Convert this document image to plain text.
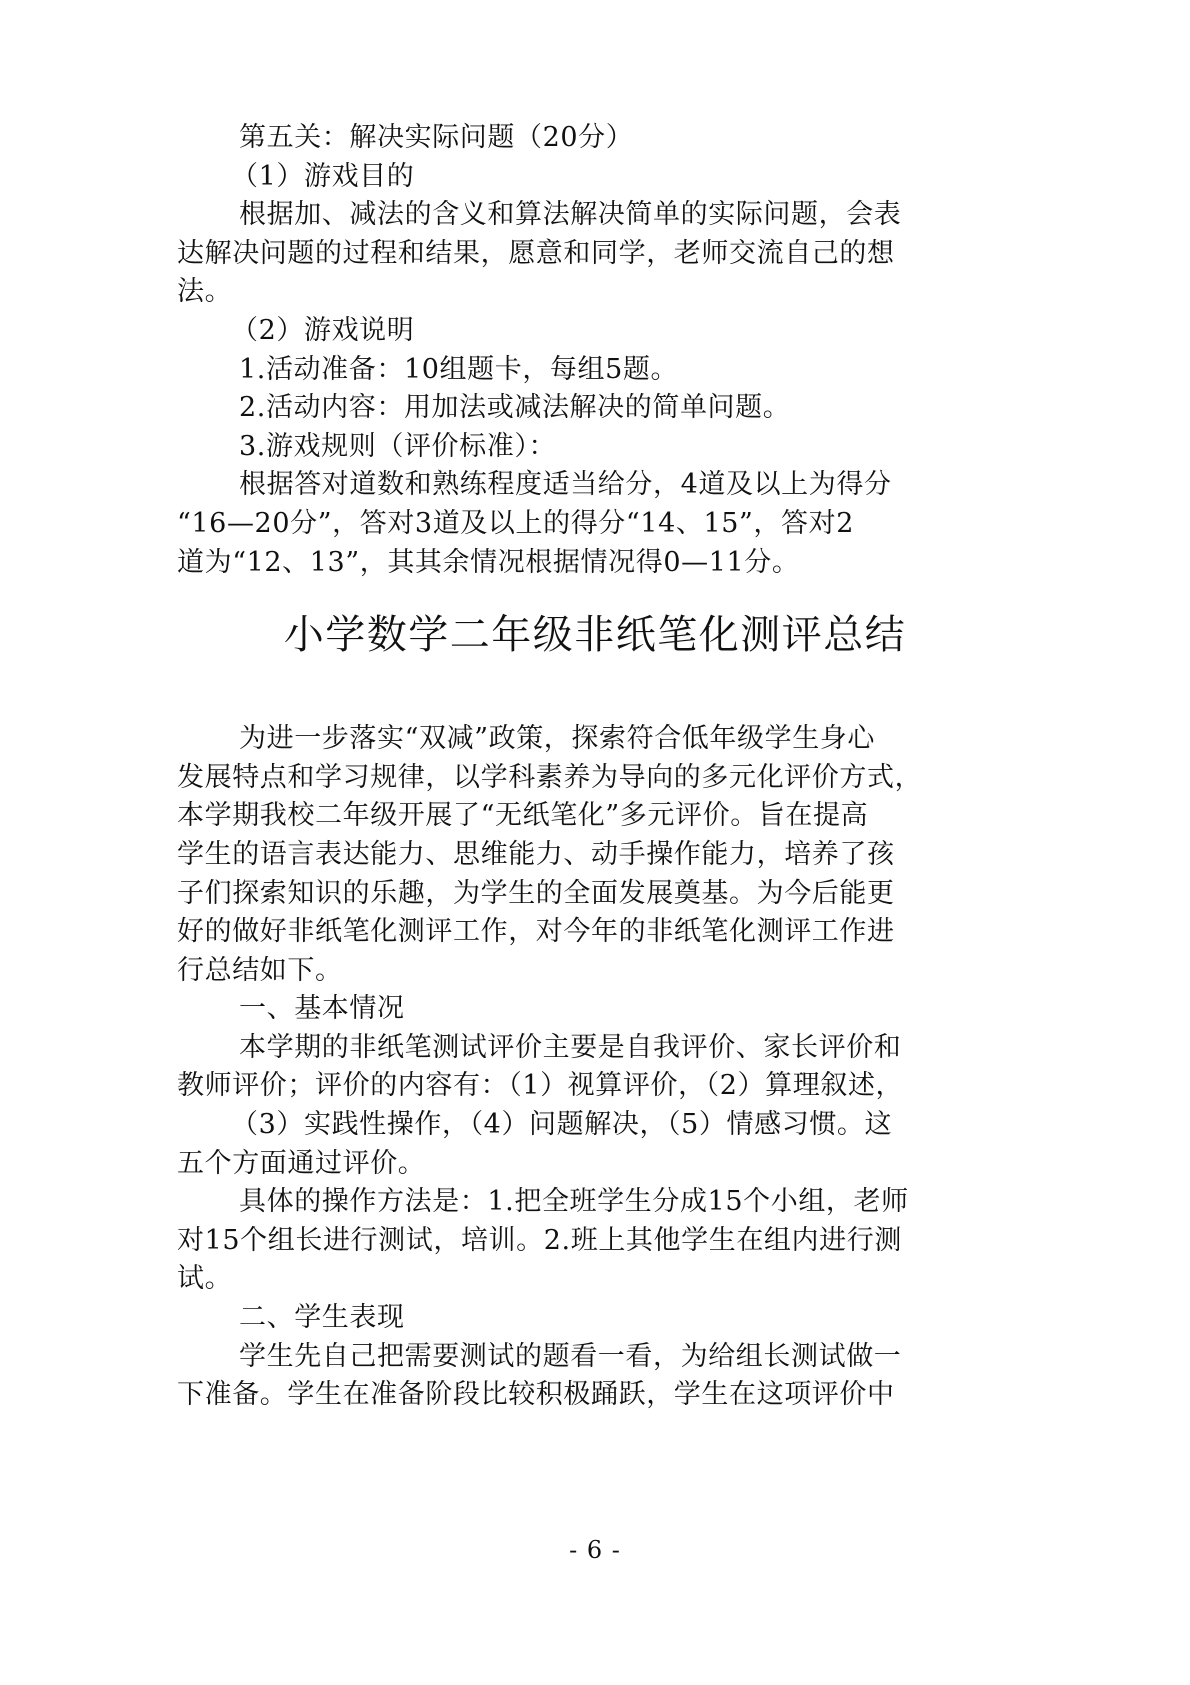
第五关：解决实际问题（20分）

（1）游戏目的

根据加、减法的含义和算法解决简单的实际问题，会表

达解决问题的过程和结果，愿意和同学，老师交流自己的想

法。

（2）游戏说明

1.活动准备：10组题卡，每组5题。

2.活动内容：用加法或减法解决的简单问题。

3.游戏规则（评价标准）：

根据答对道数和熟练程度适当给分，4道及以上为得分

“16—20分”，答对3道及以上的得分“14、15”，答对2

道为“12、13”，其其余情况根据情况得0—11分。

小学数学二年级非纸笔化测评总结

为进一步落实“双减”政策，探索符合低年级学生身心

发展特点和学习规律，以学科素养为导向的多元化评价方式，

本学期我校二年级开展了“无纸笔化”多元评价。旨在提高

学生的语言表达能力、思维能力、动手操作能力，培养了孩

子们探索知识的乐趣，为学生的全面发展奠基。为今后能更

好的做好非纸笔化测评工作，对今年的非纸笔化测评工作进

行总结如下。

一、基本情况

本学期的非纸笔测试评价主要是自我评价、家长评价和

教师评价；评价的内容有：（1）视算评价，（2）算理叙述，

（3）实践性操作，（4）问题解决，（5）情感习惯。这

五个方面通过评价。

具体的操作方法是：1.把全班学生分成15个小组，老师

对15个组长进行测试，培训。2.班上其他学生在组内进行测

试。

二、学生表现

学生先自己把需要测试的题看一看，为给组长测试做一

下准备。学生在准备阶段比较积极踊跃，学生在这项评价中

- 6 -
